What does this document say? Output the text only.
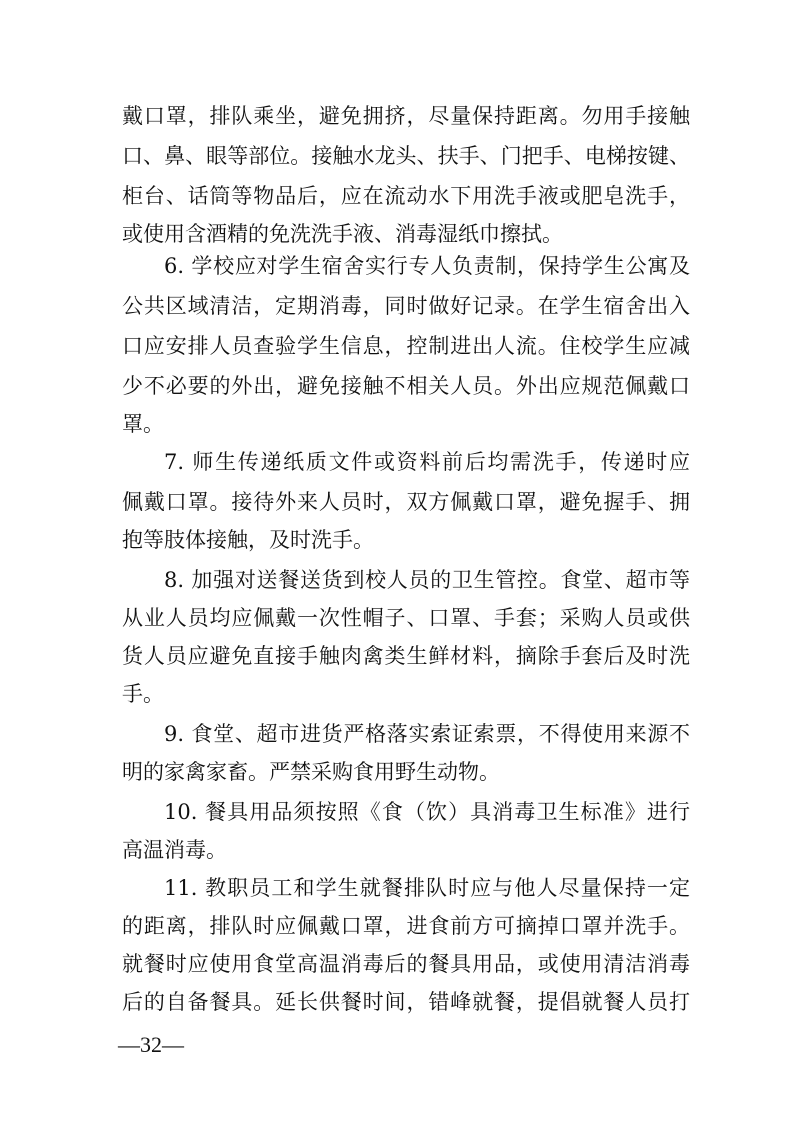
戴口罩，排队乘坐，避免拥挤，尽量保持距离。勿用手接触
口、鼻、眼等部位。接触水龙头、扶手、门把手、电梯按键、
柜台、话筒等物品后，应在流动水下用洗手液或肥皂洗手，
或使用含酒精的免洗洗手液、消毒湿纸巾擦拭。
6. 学校应对学生宿舍实行专人负责制，保持学生公寓及
公共区域清洁，定期消毒，同时做好记录。在学生宿舍出入
口应安排人员查验学生信息，控制进出人流。住校学生应减
少不必要的外出，避免接触不相关人员。外出应规范佩戴口
罩。
7. 师生传递纸质文件或资料前后均需洗手，传递时应
佩戴口罩。接待外来人员时，双方佩戴口罩，避免握手、拥
抱等肢体接触，及时洗手。
8. 加强对送餐送货到校人员的卫生管控。食堂、超市等
从业人员均应佩戴一次性帽子、口罩、手套；采购人员或供
货人员应避免直接手触肉禽类生鲜材料，摘除手套后及时洗
手。
9. 食堂、超市进货严格落实索证索票，不得使用来源不
明的家禽家畜。严禁采购食用野生动物。
10. 餐具用品须按照《食（饮）具消毒卫生标准》进行
高温消毒。
11. 教职员工和学生就餐排队时应与他人尽量保持一定
的距离，排队时应佩戴口罩，进食前方可摘掉口罩并洗手。
就餐时应使用食堂高温消毒后的餐具用品，或使用清洁消毒
后的自备餐具。延长供餐时间，错峰就餐，提倡就餐人员打
—32—
